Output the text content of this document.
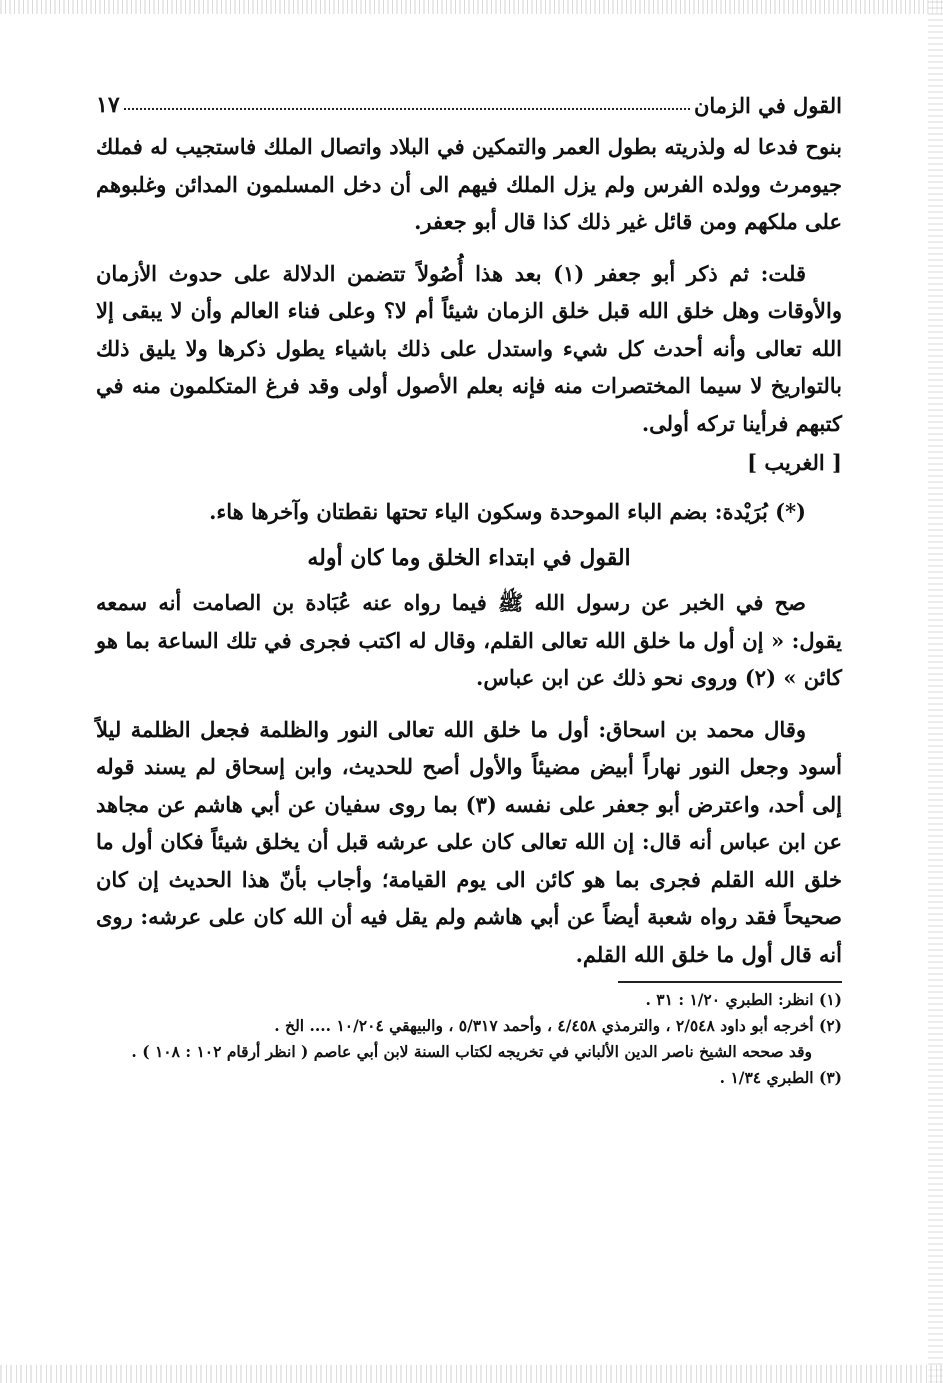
القول في الزمان
١٧

بنوح فدعا له ولذريته بطول العمر والتمكين في البلاد واتصال الملك فاستجيب له فملك جيومرث وولده الفرس ولم يزل الملك فيهم الى أن دخل المسلمون المدائن وغلبوهم على ملكهم ومن قائل غير ذلك كذا قال أبو جعفر.

قلت: ثم ذكر أبو جعفر (١) بعد هذا أُصُولاً تتضمن الدلالة على حدوث الأزمان والأوقات وهل خلق الله قبل خلق الزمان شيئاً أم لا؟ وعلى فناء العالم وأن لا يبقى إلا الله تعالى وأنه أحدث كل شيء واستدل على ذلك باشياء يطول ذكرها ولا يليق ذلك بالتواريخ لا سيما المختصرات منه فإنه بعلم الأصول أولى وقد فرغ المتكلمون منه في كتبهم فرأينا تركه أولى.

[ الغريب ]
(*) بُرَيْدة: بضم الباء الموحدة وسكون الياء تحتها نقطتان وآخرها هاء.
القول في ابتداء الخلق وما كان أوله

صح في الخبر عن رسول الله ﷺ فيما رواه عنه عُبَادة بن الصامت أنه سمعه يقول: « إن أول ما خلق الله تعالى القلم، وقال له اكتب فجرى في تلك الساعة بما هو كائن » (٢) وروى نحو ذلك عن ابن عباس.

وقال محمد بن اسحاق: أول ما خلق الله تعالى النور والظلمة فجعل الظلمة ليلاً أسود وجعل النور نهاراً أبيض مضيئاً والأول أصح للحديث، وابن إسحاق لم يسند قوله إلى أحد، واعترض أبو جعفر على نفسه (٣) بما روى سفيان عن أبي هاشم عن مجاهد عن ابن عباس أنه قال: إن الله تعالى كان على عرشه قبل أن يخلق شيئاً فكان أول ما خلق الله القلم فجرى بما هو كائن الى يوم القيامة؛ وأجاب بأنّ هذا الحديث إن كان صحيحاً فقد رواه شعبة أيضاً عن أبي هاشم ولم يقل فيه أن الله كان على عرشه: روى أنه قال أول ما خلق الله القلم.

(١) انظر: الطبري ١/٢٠ : ٣١ .

(٢) أخرجه أبو داود ٢/٥٤٨ ، والترمذي ٤/٤٥٨ ، وأحمد ٥/٣١٧ ، والبيهقي ١٠/٢٠٤ .... الخ .

وقد صححه الشيخ ناصر الدين الألباني في تخريجه لكتاب السنة لابن أبي عاصم ( انظر أرقام ١٠٢ : ١٠٨ ) .

(٣) الطبري ١/٣٤ .
